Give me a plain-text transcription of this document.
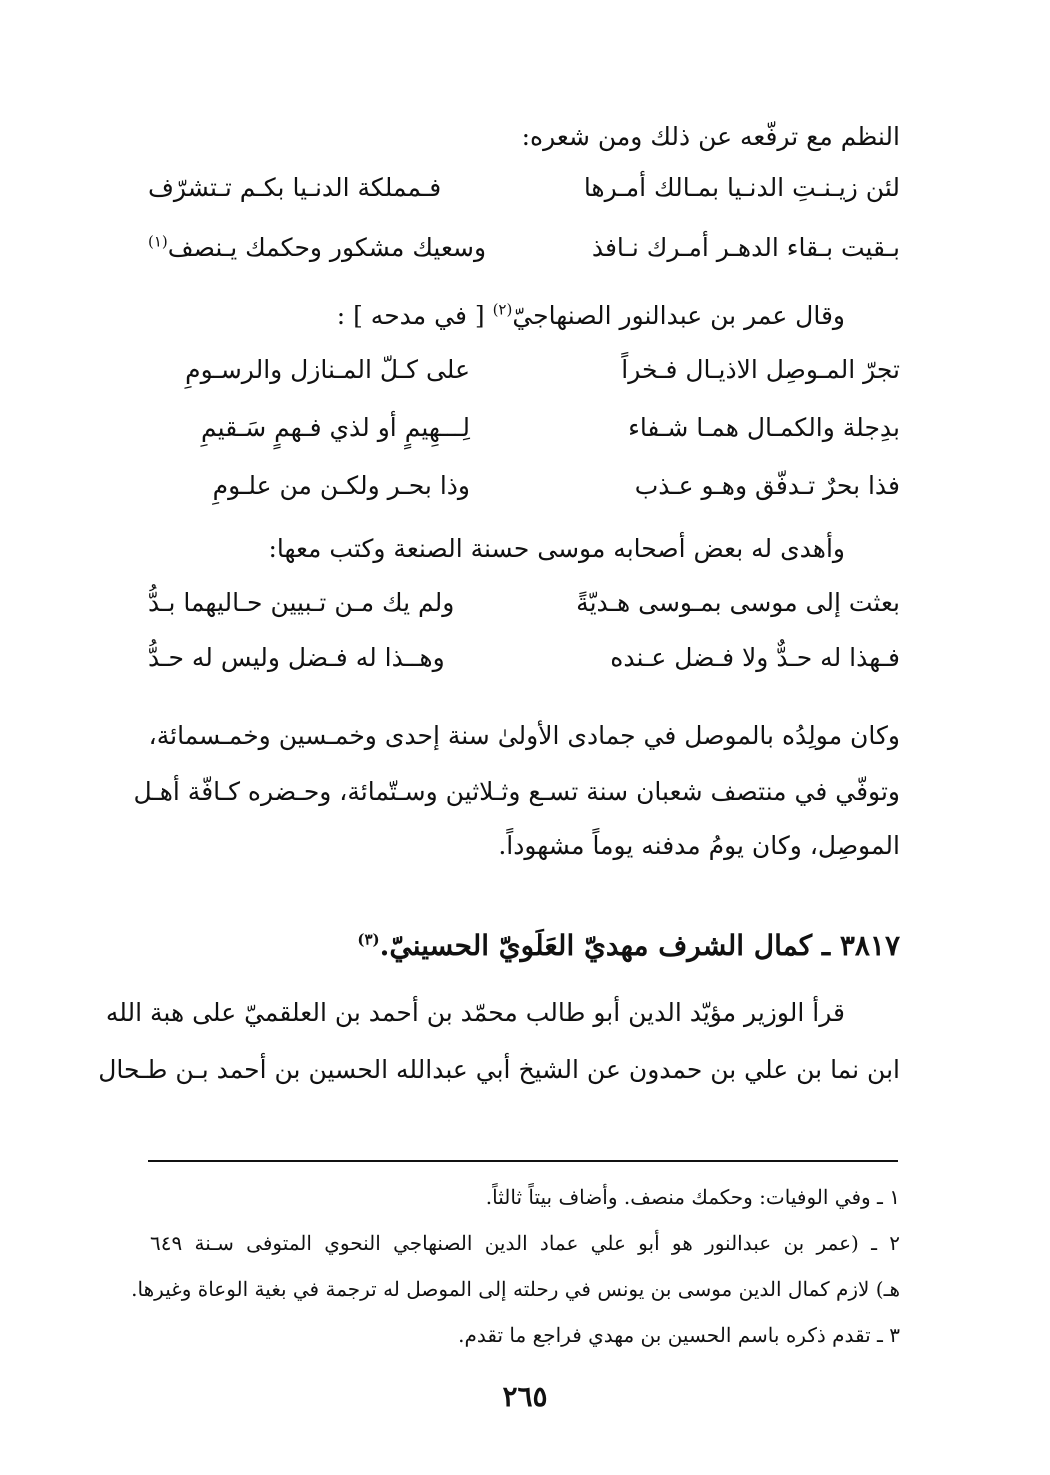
النظم مع ترفّعه عن ذلك ومن شعره:
لئن زيـنـتِ الدنـيا بمـالك أمـرها
فـمملكة الدنـيا بكـم تـتشرّف
بـقيت بـقاء الدهـر أمـرك نـافذ
وسعيك مشكور وحكمك يـنصف$^{(١)}$
وقال عمر بن عبدالنور الصنهاجيّ$^{(٢)}$ [ في مدحه ] :
تجرّ المـوصِل الاذيـال فـخراً
على كـلّ المـنازل والرسـومِ
بدِجلة والكمـال همـا شـفاء
لِـــهِيمٍ أو لذي فـهمٍ سَـقيمِ
فذا بحرٌ تـدفّق وهـو عـذب
وذا بحـر ولكـن من علـومِ
وأهدى له بعض أصحابه موسى حسنة الصنعة وكتب معها:
بعثت إلى موسى بمـوسى هـديّةً
ولم يك مـن تـبيين حـاليهما بـدُّ
فـهذا له حـدٌّ ولا فـضل عـنده
وهــذا له فـضل وليس له حـدُّ
وكان مولِدُه بالموصل في جمادى الأولىٰ سنة إحدى وخمـسين وخمـسمائة،
وتوفّي في منتصف شعبان سنة تسـع وثـلاثين وسـتّمائة، وحـضره كـافّة أهـل
الموصِل، وكان يومُ مدفنه يوماً مشهوداً.
٣٨١٧ ـ كمال الشرف مهديّ العَلَويّ الحسينيّ.$^{(٣)}$
قرأ الوزير مؤيّد الدين أبو طالب محمّد بن أحمد بن العلقميّ على هبة الله
ابن نما بن علي بن حمدون عن الشيخ أبي عبدالله الحسين بن أحمد بـن طـحال
١ ـ وفي الوفيات: وحكمك منصف. وأضاف بيتاً ثالثاً.
٢ ـ (عمر بن عبدالنور هو أبو علي عماد الدين الصنهاجي النحوي المتوفى سـنة ٦٤٩
هـ) لازم كمال الدين موسى بن يونس في رحلته إلى الموصل له ترجمة في بغية الوعاة وغيرها.
٣ ـ تقدم ذكره باسم الحسين بن مهدي فراجع ما تقدم.
٢٦٥
